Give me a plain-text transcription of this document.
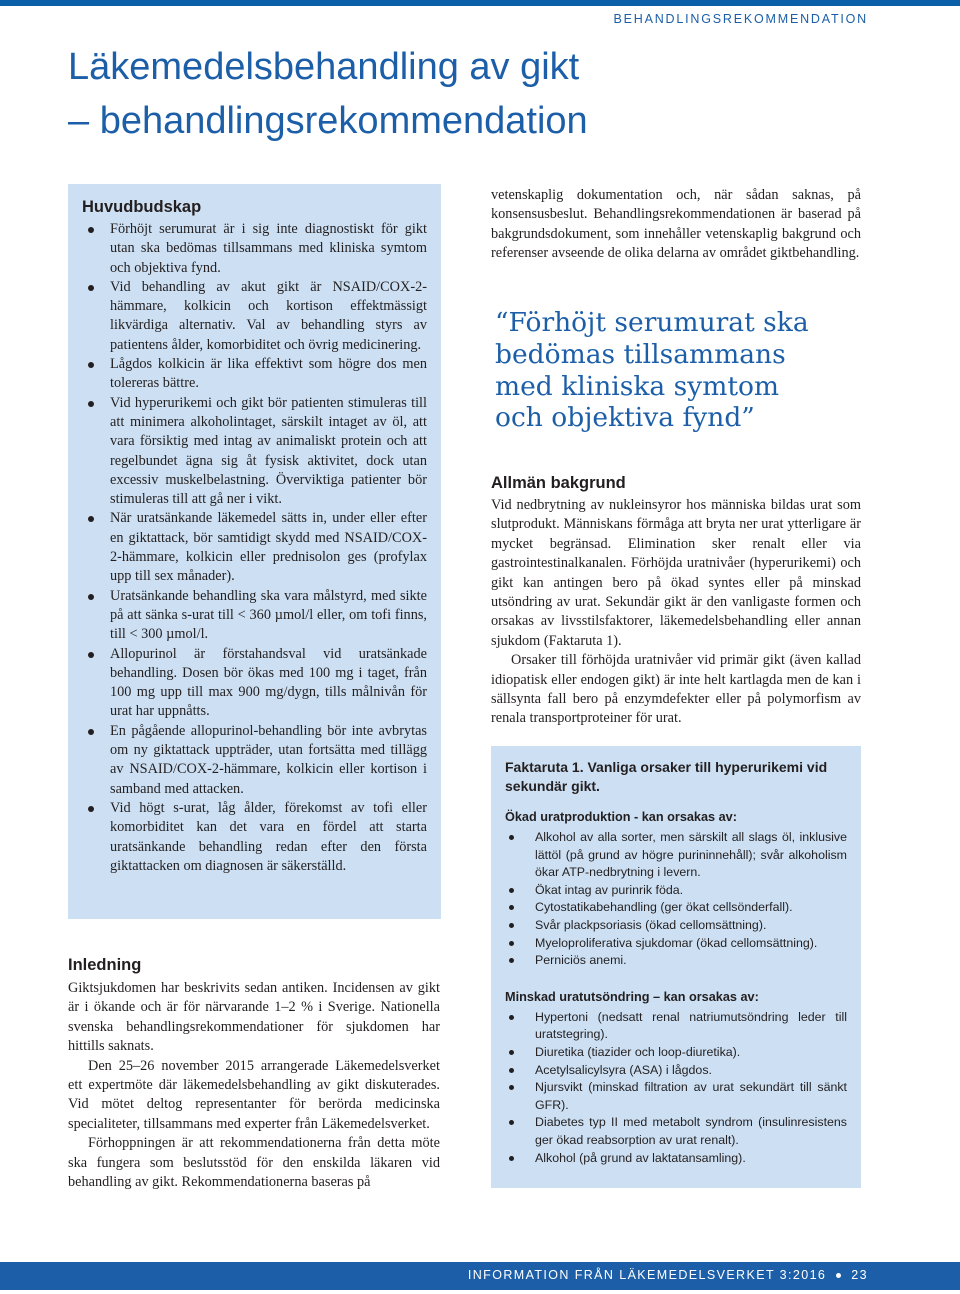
BEHANDLINGSREKOMMENDATION
Läkemedelsbehandling av gikt
– behandlingsrekommendation
Huvudbudskap
Förhöjt serumurat är i sig inte diagnostiskt för gikt utan ska bedömas tillsammans med kliniska symtom och objektiva fynd.
Vid behandling av akut gikt är NSAID/COX-2-hämmare, kolkicin och kortison effektmässigt likvärdiga alternativ. Val av behandling styrs av patientens ålder, komorbiditet och övrig medicinering.
Lågdos kolkicin är lika effektivt som högre dos men tolereras bättre.
Vid hyperurikemi och gikt bör patienten stimuleras till att minimera alkoholintaget, särskilt intaget av öl, att vara försiktig med intag av animaliskt protein och att regelbundet ägna sig åt fysisk aktivitet, dock utan excessiv muskelbelastning. Överviktiga patienter bör stimuleras till att gå ner i vikt.
När uratsänkande läkemedel sätts in, under eller efter en giktattack, bör samtidigt skydd med NSAID/COX-2-hämmare, kolkicin eller prednisolon ges (profylax upp till sex månader).
Uratsänkande behandling ska vara målstyrd, med sikte på att sänka s-urat till < 360 µmol/l eller, om tofi finns, till < 300 µmol/l.
Allopurinol är förstahandsval vid uratsänkade behandling. Dosen bör ökas med 100 mg i taget, från 100 mg upp till max 900 mg/dygn, tills målnivån för urat har uppnåtts.
En pågående allopurinol-behandling bör inte avbrytas om ny giktattack uppträder, utan fortsätta med tillägg av NSAID/COX-2-hämmare, kolkicin eller kortison i samband med attacken.
Vid högt s-urat, låg ålder, förekomst av tofi eller komorbiditet kan det vara en fördel att starta uratsänkande behandling redan efter den första giktattacken om diagnosen är säkerställd.
Inledning

Giktsjukdomen har beskrivits sedan antiken. Incidensen av gikt är i ökande och är för närvarande 1–2 % i Sverige. Nationella svenska behandlingsrekommendationer för sjukdomen har hittills saknats.

Den 25–26 november 2015 arrangerade Läkemedelsverket ett expertmöte där läkemedelsbehandling av gikt diskuterades. Vid mötet deltog representanter för berörda medicinska specialiteter, tillsammans med experter från Läkemedelsverket.

Förhoppningen är att rekommendationerna från detta möte ska fungera som beslutsstöd för den enskilda läkaren vid behandling av gikt. Rekommendationerna baseras på

vetenskaplig dokumentation och, när sådan saknas, på konsensusbeslut. Behandlingsrekommendationen är baserad på bakgrundsdokument, som innehåller vetenskaplig bakgrund och referenser avseende de olika delarna av området giktbehandling.

“Förhöjt serumurat ska
bedömas tillsammans
med kliniska symtom
och objektiva fynd”
Allmän bakgrund

Vid nedbrytning av nukleinsyror hos människa bildas urat som slutprodukt. Människans förmåga att bryta ner urat ytterligare är mycket begränsad. Elimination sker renalt eller via gastrointestinalkanalen. Förhöjda uratnivåer (hyperurikemi) och gikt kan antingen bero på ökad syntes eller på minskad utsöndring av urat. Sekundär gikt är den vanligaste formen och orsakas av livsstilsfaktorer, läkemedelsbehandling eller annan sjukdom (Faktaruta 1).

Orsaker till förhöjda uratnivåer vid primär gikt (även kallad idiopatisk eller endogen gikt) är inte helt kartlagda men de kan i sällsynta fall bero på enzymdefekter eller på polymorfism av renala transportproteiner för urat.

Faktaruta 1. Vanliga orsaker till hyperurikemi vid sekundär gikt.
Ökad uratproduktion - kan orsakas av:
Alkohol av alla sorter, men särskilt all slags öl, inklusive lättöl (på grund av högre purininnehåll); svår alkoholism ökar ATP-nedbrytning i levern.
Ökat intag av purinrik föda.
Cytostatikabehandling (ger ökat cellsönderfall).
Svår plackpsoriasis (ökad cellomsättning).
Myeloproliferativa sjukdomar (ökad cellomsättning).
Perniciös anemi.
Minskad uratutsöndring – kan orsakas av:
Hypertoni (nedsatt renal natriumutsöndring leder till uratstegring).
Diuretika (tiazider och loop-diuretika).
Acetylsalicylsyra (ASA) i lågdos.
Njursvikt (minskad filtration av urat sekundärt till sänkt GFR).
Diabetes typ II med metabolt syndrom (insulinresistens ger ökad reabsorption av urat renalt).
Alkohol (på grund av laktatansamling).
INFORMATION FRÅN LÄKEMEDELSVERKET 3:2016 23
